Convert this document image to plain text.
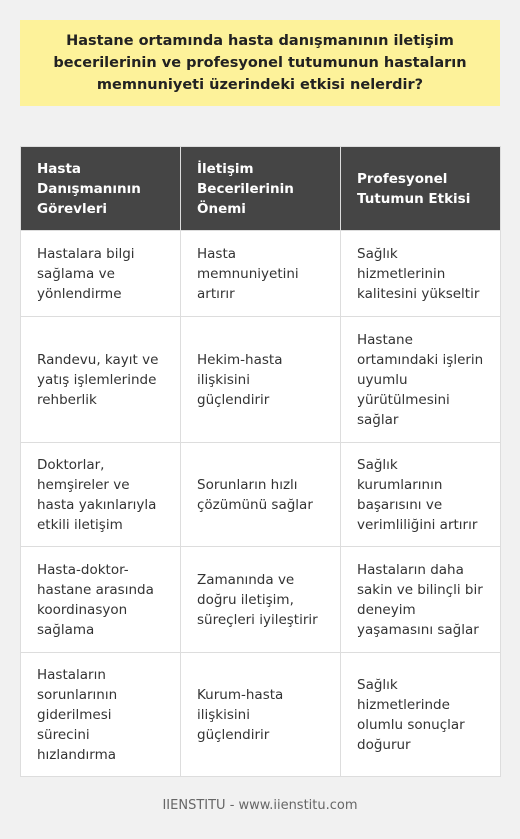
Hastane ortamında hasta danışmanının iletişim becerilerinin ve profesyonel tutumunun hastaların memnuniyeti üzerindeki etkisi nelerdir?
Hasta Danışmanının Görevleri	İletişim Becerilerinin Önemi	Profesyonel Tutumun Etkisi
Hastalara bilgi sağlama ve yönlendirme	Hasta memnuniyetini artırır	Sağlık hizmetlerinin kalitesini yükseltir
Randevu, kayıt ve yatış işlemlerinde rehberlik	Hekim-hasta ilişkisini güçlendirir	Hastane ortamındaki işlerin uyumlu yürütülmesini sağlar
Doktorlar, hemşireler ve hasta yakınlarıyla etkili iletişim	Sorunların hızlı çözümünü sağlar	Sağlık kurumlarının başarısını ve verimliliğini artırır
Hasta-doktor-hastane arasında koordinasyon sağlama	Zamanında ve doğru iletişim, süreçleri iyileştirir	Hastaların daha sakin ve bilinçli bir deneyim yaşamasını sağlar
Hastaların sorunlarının giderilmesi sürecini hızlandırma	Kurum-hasta ilişkisini güçlendirir	Sağlık hizmetlerinde olumlu sonuçlar doğurur
IIENSTITU - www.iienstitu.com
